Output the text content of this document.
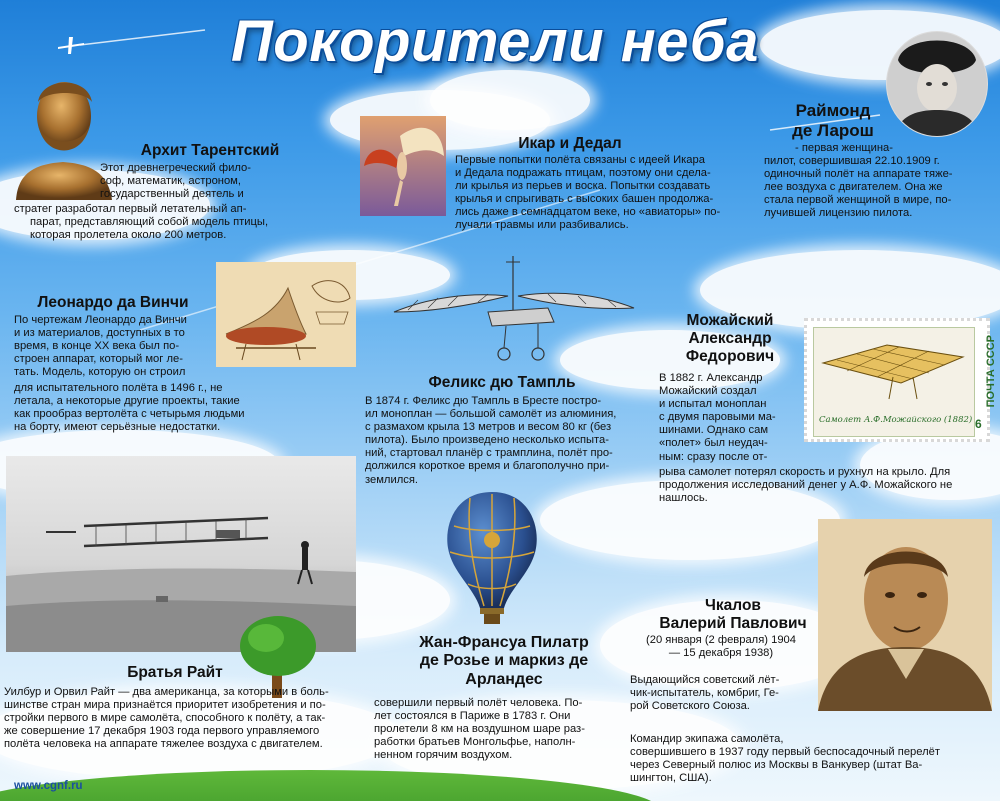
Покорители неба
Архит Тарентский
Этот древнегреческий фило-
соф, математик, астроном,
государственный деятель и
стратег разработал первый летательный ап-
парат, представляющий собой модель птицы,
которая пролетела около 200 метров.
Икар и Дедал
Первые попытки полёта связаны с идеей Икара
и Дедала подражать птицам, поэтому они сдела-
ли крылья из перьев и воска. Попытки создавать
крылья и спрыгивать с высоких башен продолжа-
лись даже в семнадцатом веке, но «авиаторы» по-
лучали травмы или разбивались.
Раймонд
де Ларош
- первая женщина-
пилот, совершившая 22.10.1909 г.
одиночный полёт на аппарате тяже-
лее воздуха с двигателем. Она же
стала первой женщиной в мире, по-
лучившей лицензию пилота.
Леонардо да Винчи
По чертежам Леонардо да Винчи
и из материалов, доступных в то
время, в конце XX века был по-
строен аппарат, который мог ле-
тать. Модель, которую он строил
для испытательного полёта в 1496 г., не
летала, а некоторые другие проекты, такие
как прообраз вертолёта с четырьмя людьми
на борту, имеют серьёзные недостатки.
Феликс дю Тампль
В 1874 г. Феликс дю Тампль в Бресте постро-
ил моноплан — большой самолёт из алюминия,
с размахом крыла 13 метров и весом 80 кг (без
пилота). Было произведено несколько испыта-
ний, стартовал планёр с трамплина, полёт про-
должился короткое время и благополучно при-
землился.
Можайский
Александр
Федорович
6
ПОЧТА СССР
Самолет А.Ф.Можайского (1882)
В 1882 г. Александр
Можайский создал
и испытал моноплан
с двумя паровыми ма-
шинами. Однако сам
«полет» был неудач-
ным: сразу после от-
рыва самолет потерял скорость и рухнул на крыло. Для
продолжения исследований денег у А.Ф. Можайского не
нашлось.
Чкалов
Валерий Павлович
(20 января (2 февраля) 1904
— 15 декабря 1938)
Выдающийся советский лёт-
чик-испытатель, комбриг, Ге-
рой Советского Союза.
Командир экипажа самолёта,
совершившего в 1937 году первый беспосадочный перелёт
через Северный полюс из Москвы в Ванкувер (штат Ва-
шингтон, США).
Братья Райт
Уилбур и Орвил Райт — два американца, за которыми в боль-
шинстве стран мира признаётся приоритет изобретения и по-
стройки первого в мире самолёта, способного к полёту, а так-
же совершение 17 декабря 1903 года первого управляемого
полёта человека на аппарате тяжелее воздуха с двигателем.
Жан-Франсуа Пилатр
де Розье и маркиз де
Арландес
совершили первый полёт человека. По-
лет состоялся в Париже в 1783 г. Они
пролетели 8 км на воздушном шаре раз-
работки братьев Монгольфье, наполн-
ненном горячим воздухом.
www.cgnf.ru
